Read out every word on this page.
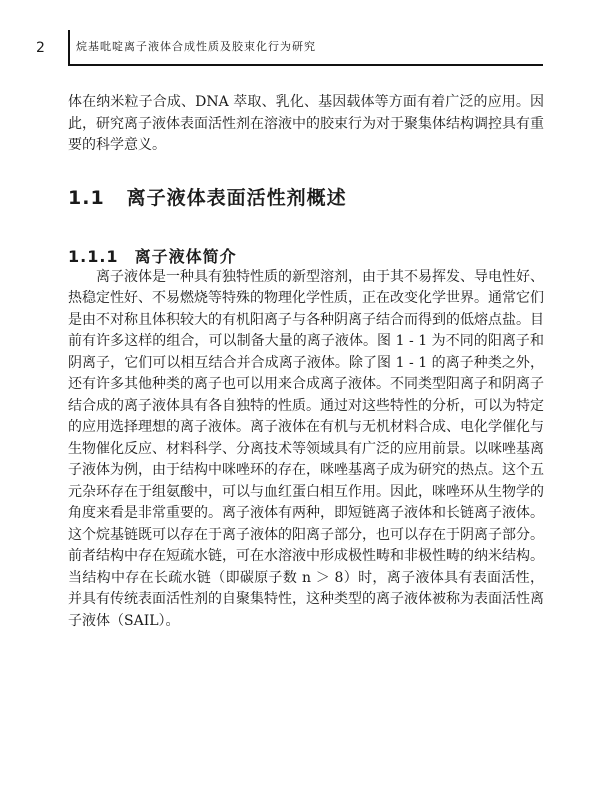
2	烷基吡啶离子液体合成性质及胶束化行为研究

体在纳米粒子合成、DNA 萃取、乳化、基因载体等方面有着广泛的应用。因此，研究离子液体表面活性剂在溶液中的胶束行为对于聚集体结构调控具有重要的科学意义。

1.1 离子液体表面活性剂概述
1.1.1 离子液体简介

离子液体是一种具有独特性质的新型溶剂，由于其不易挥发、导电性好、热稳定性好、不易燃烧等特殊的物理化学性质，正在改变化学世界。通常它们是由不对称且体积较大的有机阳离子与各种阴离子结合而得到的低熔点盐。目前有许多这样的组合，可以制备大量的离子液体。图 1 - 1 为不同的阳离子和阴离子，它们可以相互结合并合成离子液体。除了图 1 - 1 的离子种类之外，还有许多其他种类的离子也可以用来合成离子液体。不同类型阳离子和阴离子结合成的离子液体具有各自独特的性质。通过对这些特性的分析，可以为特定的应用选择理想的离子液体。离子液体在有机与无机材料合成、电化学催化与生物催化反应、材料科学、分离技术等领域具有广泛的应用前景。以咪唑基离子液体为例，由于结构中咪唑环的存在，咪唑基离子成为研究的热点。这个五元杂环存在于组氨酸中，可以与血红蛋白相互作用。因此，咪唑环从生物学的角度来看是非常重要的。离子液体有两种，即短链离子液体和长链离子液体。这个烷基链既可以存在于离子液体的阳离子部分，也可以存在于阴离子部分。前者结构中存在短疏水链，可在水溶液中形成极性畴和非极性畴的纳米结构。当结构中存在长疏水链（即碳原子数 n ＞ 8）时，离子液体具有表面活性，并具有传统表面活性剂的自聚集特性，这种类型的离子液体被称为表面活性离子液体（SAIL）。
